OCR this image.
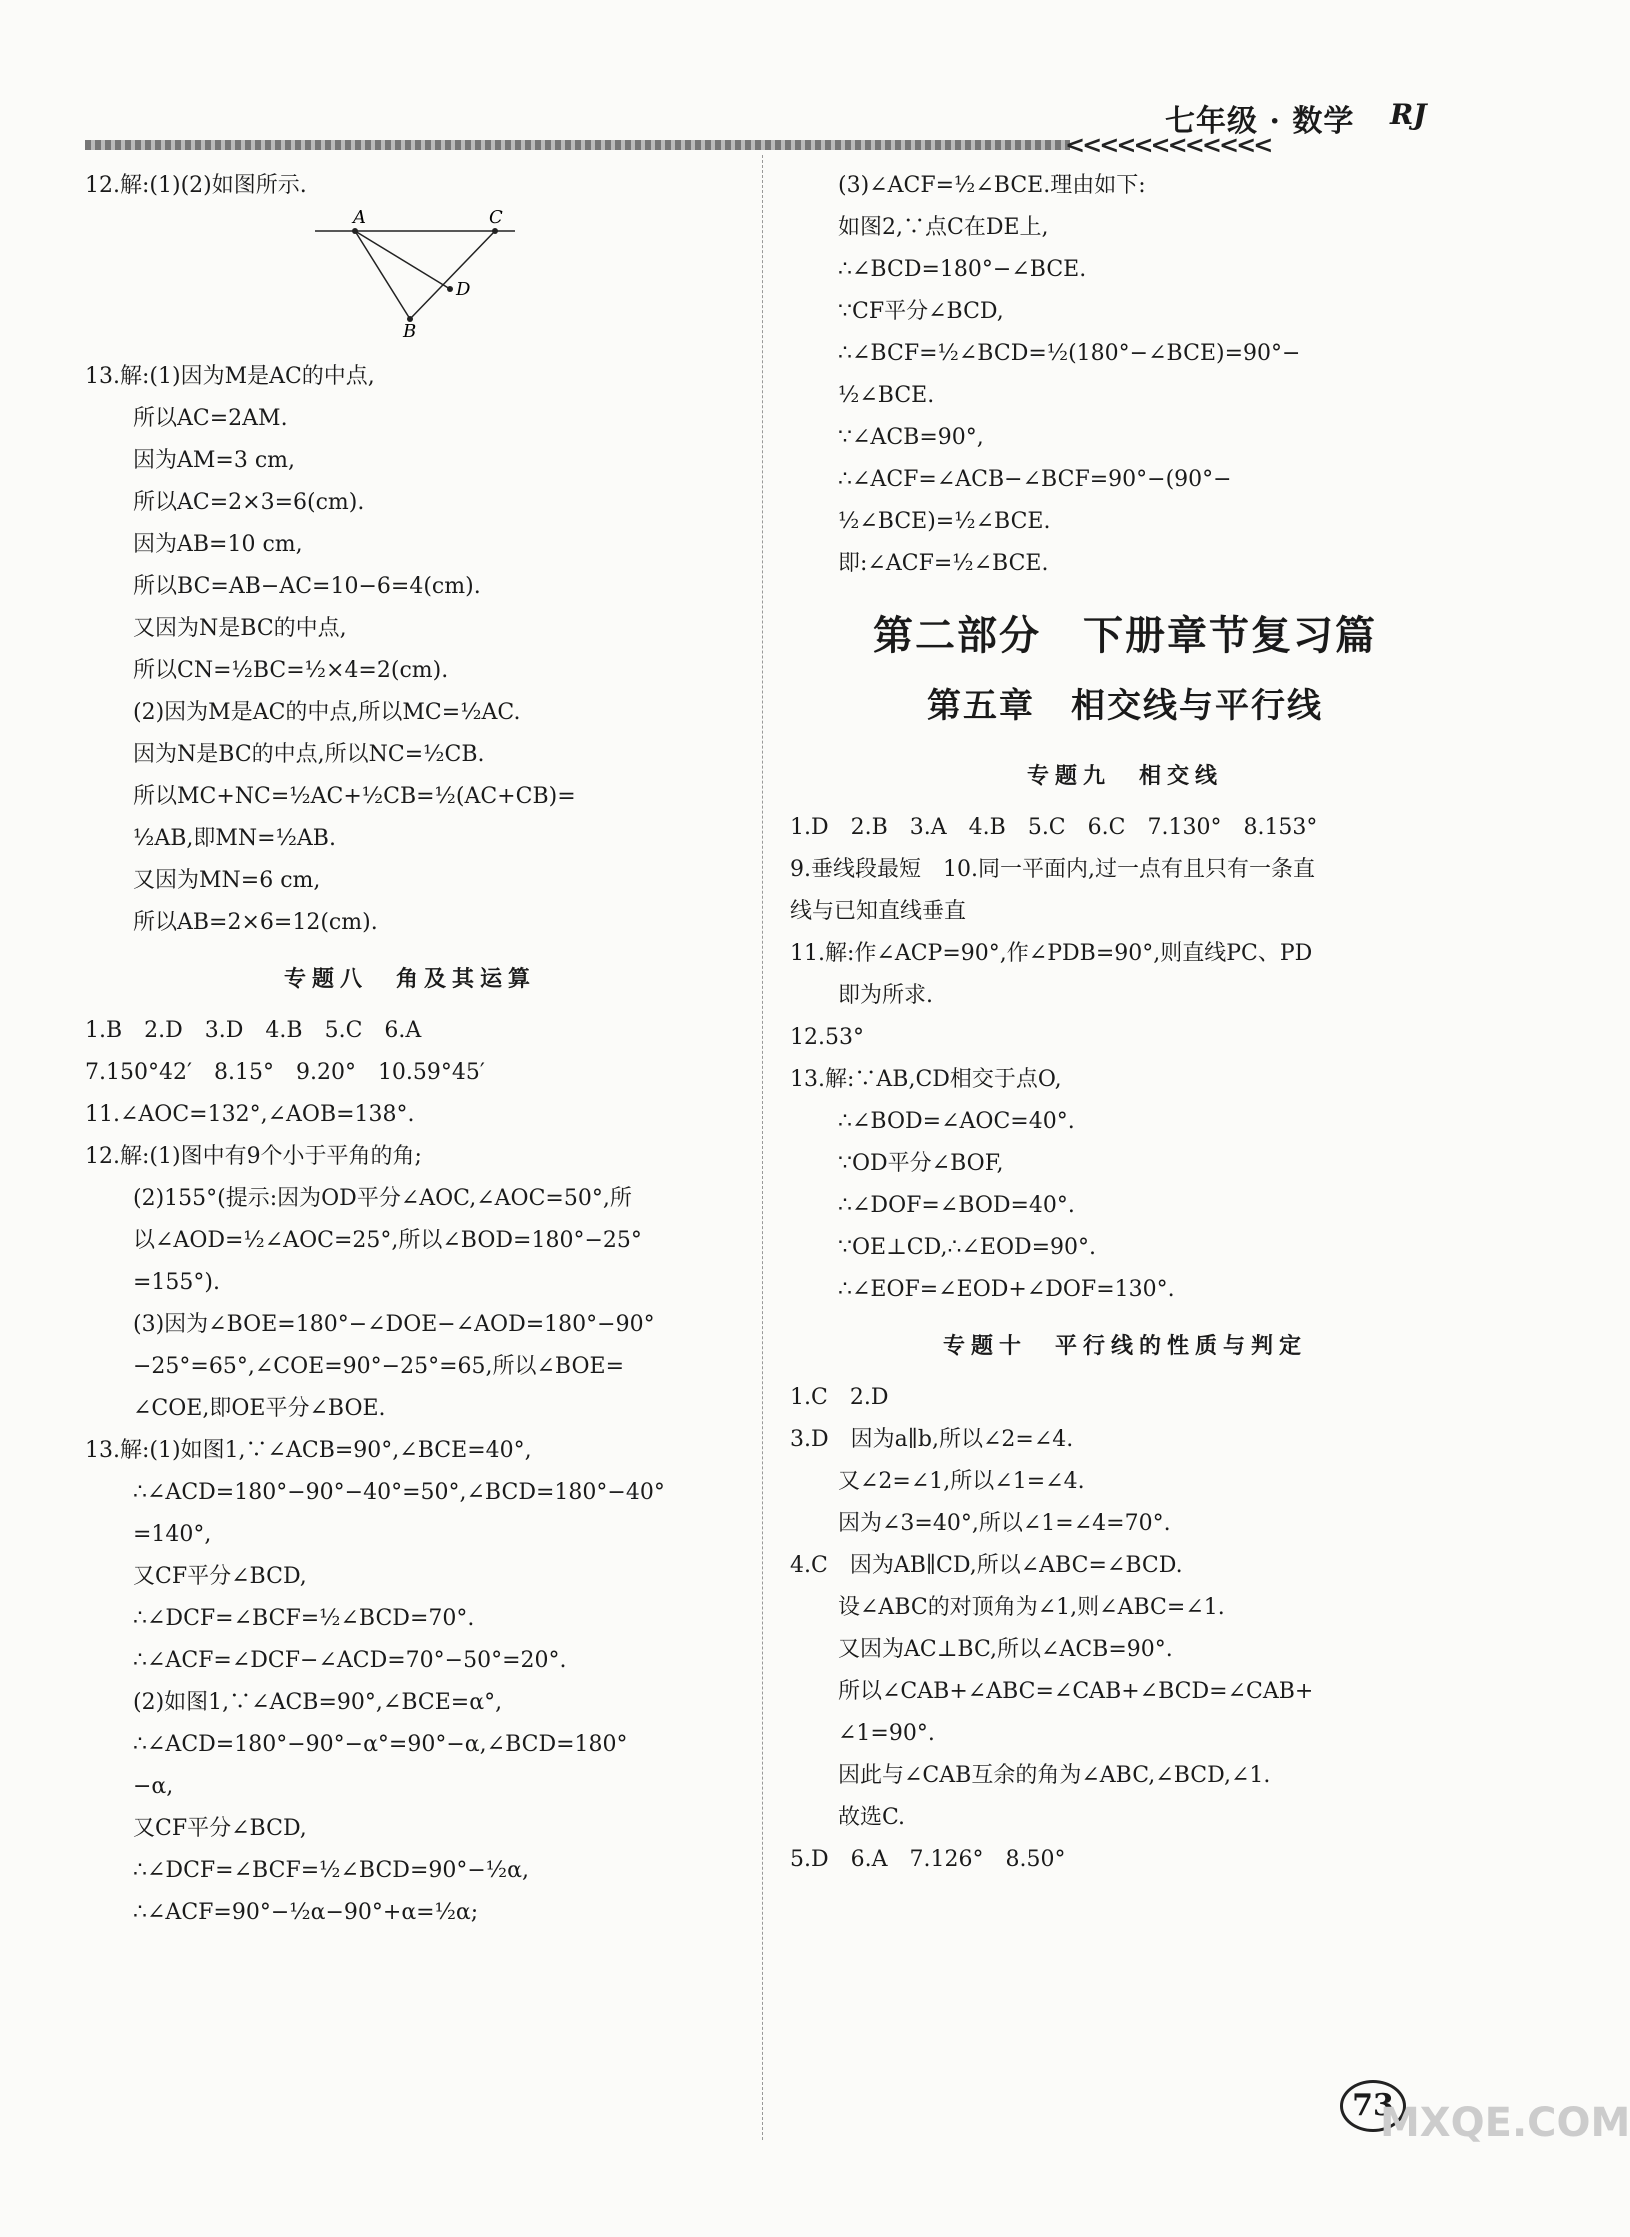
七年级 · 数学 RJ
<<<<<<<<<<<<
12.解:(1)(2)如图所示.
A	C
D
B
13.解:(1)因为M是AC的中点,
所以AC=2AM.
因为AM=3 cm,
所以AC=2×3=6(cm).
因为AB=10 cm,
所以BC=AB−AC=10−6=4(cm).
又因为N是BC的中点,
所以CN=½BC=½×4=2(cm).
(2)因为M是AC的中点,所以MC=½AC.
因为N是BC的中点,所以NC=½CB.
所以MC+NC=½AC+½CB=½(AC+CB)=
½AB,即MN=½AB.
又因为MN=6 cm,
所以AB=2×6=12(cm).
专题八　角及其运算
1.B　2.D　3.D　4.B　5.C　6.A
7.150°42′　8.15°　9.20°　10.59°45′
11.∠AOC=132°,∠AOB=138°.
12.解:(1)图中有9个小于平角的角;
(2)155°(提示:因为OD平分∠AOC,∠AOC=50°,所
以∠AOD=½∠AOC=25°,所以∠BOD=180°−25°
=155°).
(3)因为∠BOE=180°−∠DOE−∠AOD=180°−90°
−25°=65°,∠COE=90°−25°=65,所以∠BOE=
∠COE,即OE平分∠BOE.
13.解:(1)如图1,∵∠ACB=90°,∠BCE=40°,
∴∠ACD=180°−90°−40°=50°,∠BCD=180°−40°
=140°,
又CF平分∠BCD,
∴∠DCF=∠BCF=½∠BCD=70°.
∴∠ACF=∠DCF−∠ACD=70°−50°=20°.
(2)如图1,∵∠ACB=90°,∠BCE=α°,
∴∠ACD=180°−90°−α°=90°−α,∠BCD=180°
−α,
又CF平分∠BCD,
∴∠DCF=∠BCF=½∠BCD=90°−½α,
∴∠ACF=90°−½α−90°+α=½α;
(3)∠ACF=½∠BCE.理由如下:
如图2,∵点C在DE上,
∴∠BCD=180°−∠BCE.
∵CF平分∠BCD,
∴∠BCF=½∠BCD=½(180°−∠BCE)=90°−
½∠BCE.
∵∠ACB=90°,
∴∠ACF=∠ACB−∠BCF=90°−(90°−
½∠BCE)=½∠BCE.
即:∠ACF=½∠BCE.
第二部分　下册章节复习篇
第五章　相交线与平行线
专题九　相交线
1.D　2.B　3.A　4.B　5.C　6.C　7.130°　8.153°
9.垂线段最短　10.同一平面内,过一点有且只有一条直
线与已知直线垂直
11.解:作∠ACP=90°,作∠PDB=90°,则直线PC、PD
即为所求.
12.53°
13.解:∵AB,CD相交于点O,
∴∠BOD=∠AOC=40°.
∵OD平分∠BOF,
∴∠DOF=∠BOD=40°.
∵OE⊥CD,∴∠EOD=90°.
∴∠EOF=∠EOD+∠DOF=130°.
专题十　平行线的性质与判定
1.C　2.D
3.D　因为a∥b,所以∠2=∠4.
又∠2=∠1,所以∠1=∠4.
因为∠3=40°,所以∠1=∠4=70°.
4.C　因为AB∥CD,所以∠ABC=∠BCD.
设∠ABC的对顶角为∠1,则∠ABC=∠1.
又因为AC⊥BC,所以∠ACB=90°.
所以∠CAB+∠ABC=∠CAB+∠BCD=∠CAB+
∠1=90°.
因此与∠CAB互余的角为∠ABC,∠BCD,∠1.
故选C.
5.D　6.A　7.126°　8.50°
73
MXQE.COM
